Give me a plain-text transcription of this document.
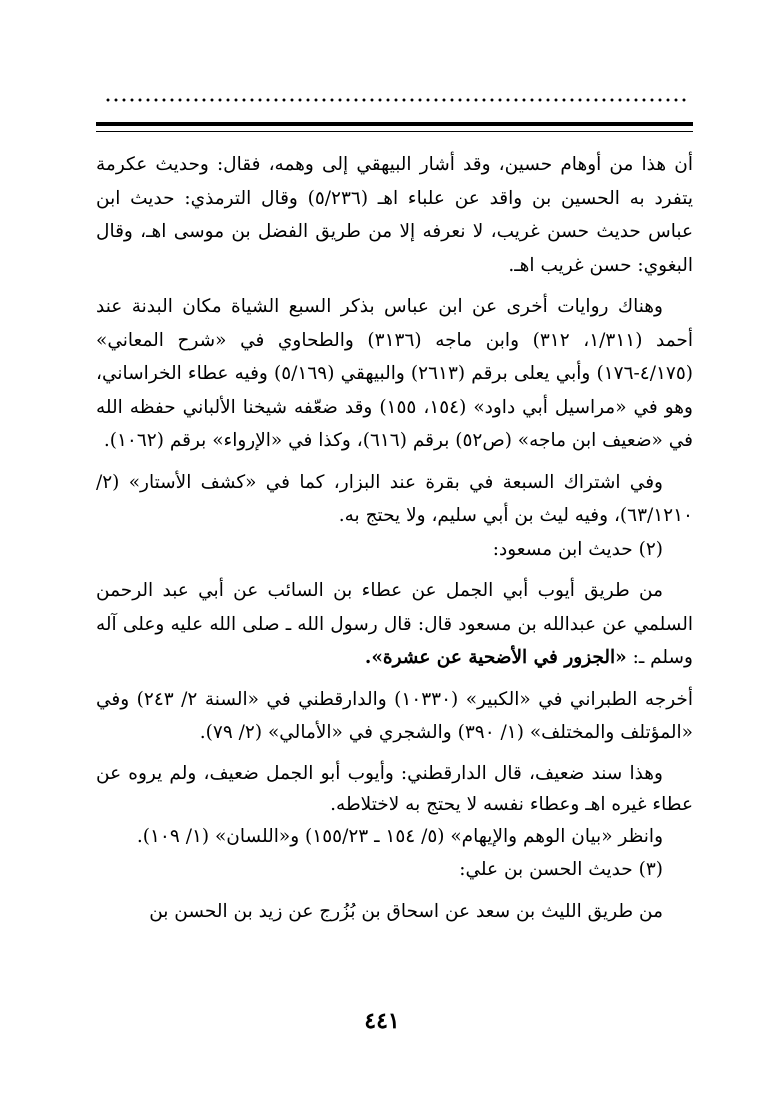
أن هذا من أوهام حسين، وقد أشار البيهقي إلى وهمه، فقال: وحديث عكرمة يتفرد به الحسين بن واقد عن علباء اهـ (٥/٢٣٦) وقال الترمذي: حديث ابن عباس حديث حسن غريب، لا نعرفه إلا من طريق الفضل بن موسى اهـ، وقال البغوي: حسن غريب اهـ.

وهناك روايات أخرى عن ابن عباس بذكر السبع الشياة مكان البدنة عند أحمد (١/٣١١، ٣١٢) وابن ماجه (٣١٣٦) والطحاوي في «شرح المعاني» (٤/١٧٥-١٧٦) وأبي يعلى برقم (٢٦١٣) والبيهقي (٥/١٦٩) وفيه عطاء الخراساني، وهو في «مراسيل أبي داود» (١٥٤، ١٥٥) وقد ضعّفه شيخنا الألباني حفظه الله في «ضعيف ابن ماجه» (ص٥٢) برقم (٦١٦)، وكذا في «الإرواء» برقم (١٠٦٢).

وفي اشتراك السبعة في بقرة عند البزار، كما في «كشف الأستار» (٢/ ٦٣/١٢١٠)، وفيه ليث بن أبي سليم، ولا يحتج به.

(٢) حديث ابن مسعود:

من طريق أيوب أبي الجمل عن عطاء بن السائب عن أبي عبد الرحمن السلمي عن عبدالله بن مسعود قال: قال رسول الله ـ صلى الله عليه وعلى آله وسلم ـ: «الجزور في الأضحية عن عشرة».

أخرجه الطبراني في «الكبير» (١٠٣٣٠) والدارقطني في «السنة ٢/ ٢٤٣) وفي «المؤتلف والمختلف» (١/ ٣٩٠) والشجري في «الأمالي» (٢/ ٧٩).

وهذا سند ضعيف، قال الدارقطني: وأيوب أبو الجمل ضعيف، ولم يروه عن عطاء غيره اهـ وعطاء نفسه لا يحتج به لاختلاطه.

وانظر «بيان الوهم والإيهام» (٥/ ١٥٤ ـ ١٥٥/٢٣) و«اللسان» (١/ ١٠٩).

(٣) حديث الحسن بن علي:

من طريق الليث بن سعد عن اسحاق بن بُزُرج عن زيد بن الحسن بن

٤٤١
